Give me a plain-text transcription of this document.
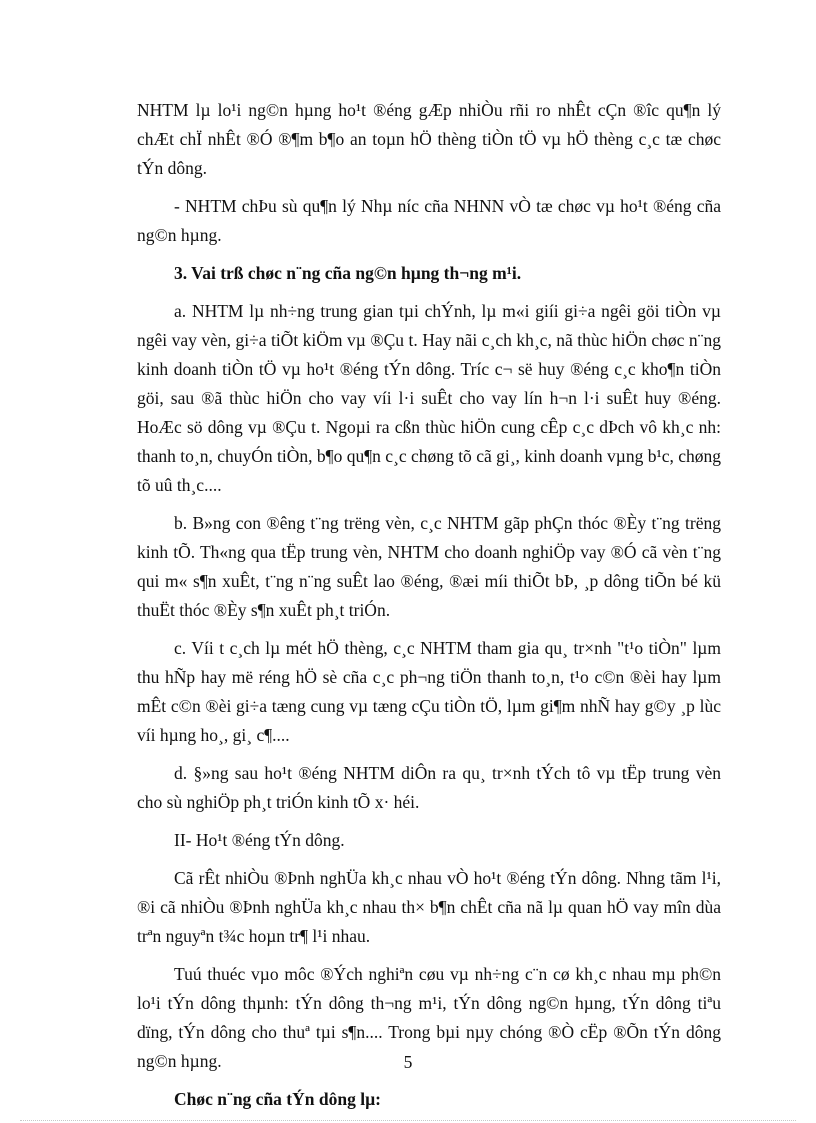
NHTM lµ lo¹i ng©n hµng ho¹t ®éng gÆp nhiÒu rñi ro nhÊt cÇn ®îc qu¶n lý chÆt chÏ nhÊt ®Ó ®¶m b¶o an toµn hÖ thèng tiÒn tÖ vµ hÖ thèng c¸c tæ chøc tÝn dông.

- NHTM chÞu sù qu¶n lý Nhµ níc cña NHNN vÒ tæ chøc vµ ho¹t ®éng cña ng©n hµng.

3. Vai trß chøc n¨ng cña ng©n hµng th¬ng m¹i.

a. NHTM lµ nh÷ng trung gian tµi chÝnh, lµ m«i giíi gi÷a ngêi göi tiÒn vµ ngêi vay vèn, gi÷a tiÕt kiÖm vµ ®Çu t. Hay nãi c¸ch kh¸c, nã thùc hiÖn chøc n¨ng kinh doanh tiÒn tÖ vµ ho¹t ®éng tÝn dông. Tríc c¬ së huy ®éng c¸c kho¶n tiÒn göi, sau ®ã thùc hiÖn cho vay víi l·i suÊt cho vay lín h¬n l·i suÊt huy ®éng. HoÆc sö dông vµ ®Çu t. Ngoµi ra cßn thùc hiÖn cung cÊp c¸c dÞch vô kh¸c nh: thanh to¸n, chuyÓn tiÒn, b¶o qu¶n c¸c chøng tõ cã gi¸, kinh doanh vµng b¹c, chøng tõ uû th¸c....

b. B»ng con ®êng t¨ng trëng vèn, c¸c NHTM gãp phÇn thóc ®Èy t¨ng trëng kinh tÕ. Th«ng qua tËp trung vèn, NHTM cho doanh nghiÖp vay ®Ó cã vèn t¨ng qui m« s¶n xuÊt, t¨ng n¨ng suÊt lao ®éng, ®æi míi thiÕt bÞ, ¸p dông tiÕn bé kü thuËt thóc ®Èy s¶n xuÊt ph¸t triÓn.

c. Víi t c¸ch lµ mét hÖ thèng, c¸c NHTM tham gia qu¸ tr×nh "t¹o tiÒn" lµm thu hÑp hay më réng hÖ sè cña c¸c ph¬ng tiÖn thanh to¸n, t¹o c©n ®èi hay lµm mÊt c©n ®èi gi÷a tæng cung vµ tæng cÇu tiÒn tÖ, lµm gi¶m nhÑ hay g©y ¸p lùc víi hµng ho¸, gi¸ c¶....

d. §»ng sau ho¹t ®éng NHTM diÔn ra qu¸ tr×nh tÝch tô vµ tËp trung vèn cho sù nghiÖp ph¸t triÓn kinh tÕ x· héi.

II- Ho¹t ®éng tÝn dông.

Cã rÊt nhiÒu ®Þnh nghÜa kh¸c nhau vÒ ho¹t ®éng tÝn dông. Nhng tãm l¹i, ®i cã nhiÒu ®Þnh nghÜa kh¸c nhau th× b¶n chÊt cña nã lµ quan hÖ vay mîn dùa trªn nguyªn t¾c hoµn tr¶ l¹i nhau.

Tuú thuéc vµo môc ®Ých nghiªn cøu vµ nh÷ng c¨n cø kh¸c nhau mµ ph©n lo¹i tÝn dông thµnh: tÝn dông th¬ng m¹i, tÝn dông ng©n hµng, tÝn dông tiªu dïng, tÝn dông cho thuª tµi s¶n.... Trong bµi nµy chóng ®Ò cËp ®Õn tÝn dông ng©n hµng.

Chøc n¨ng cña tÝn dông lµ:

5
